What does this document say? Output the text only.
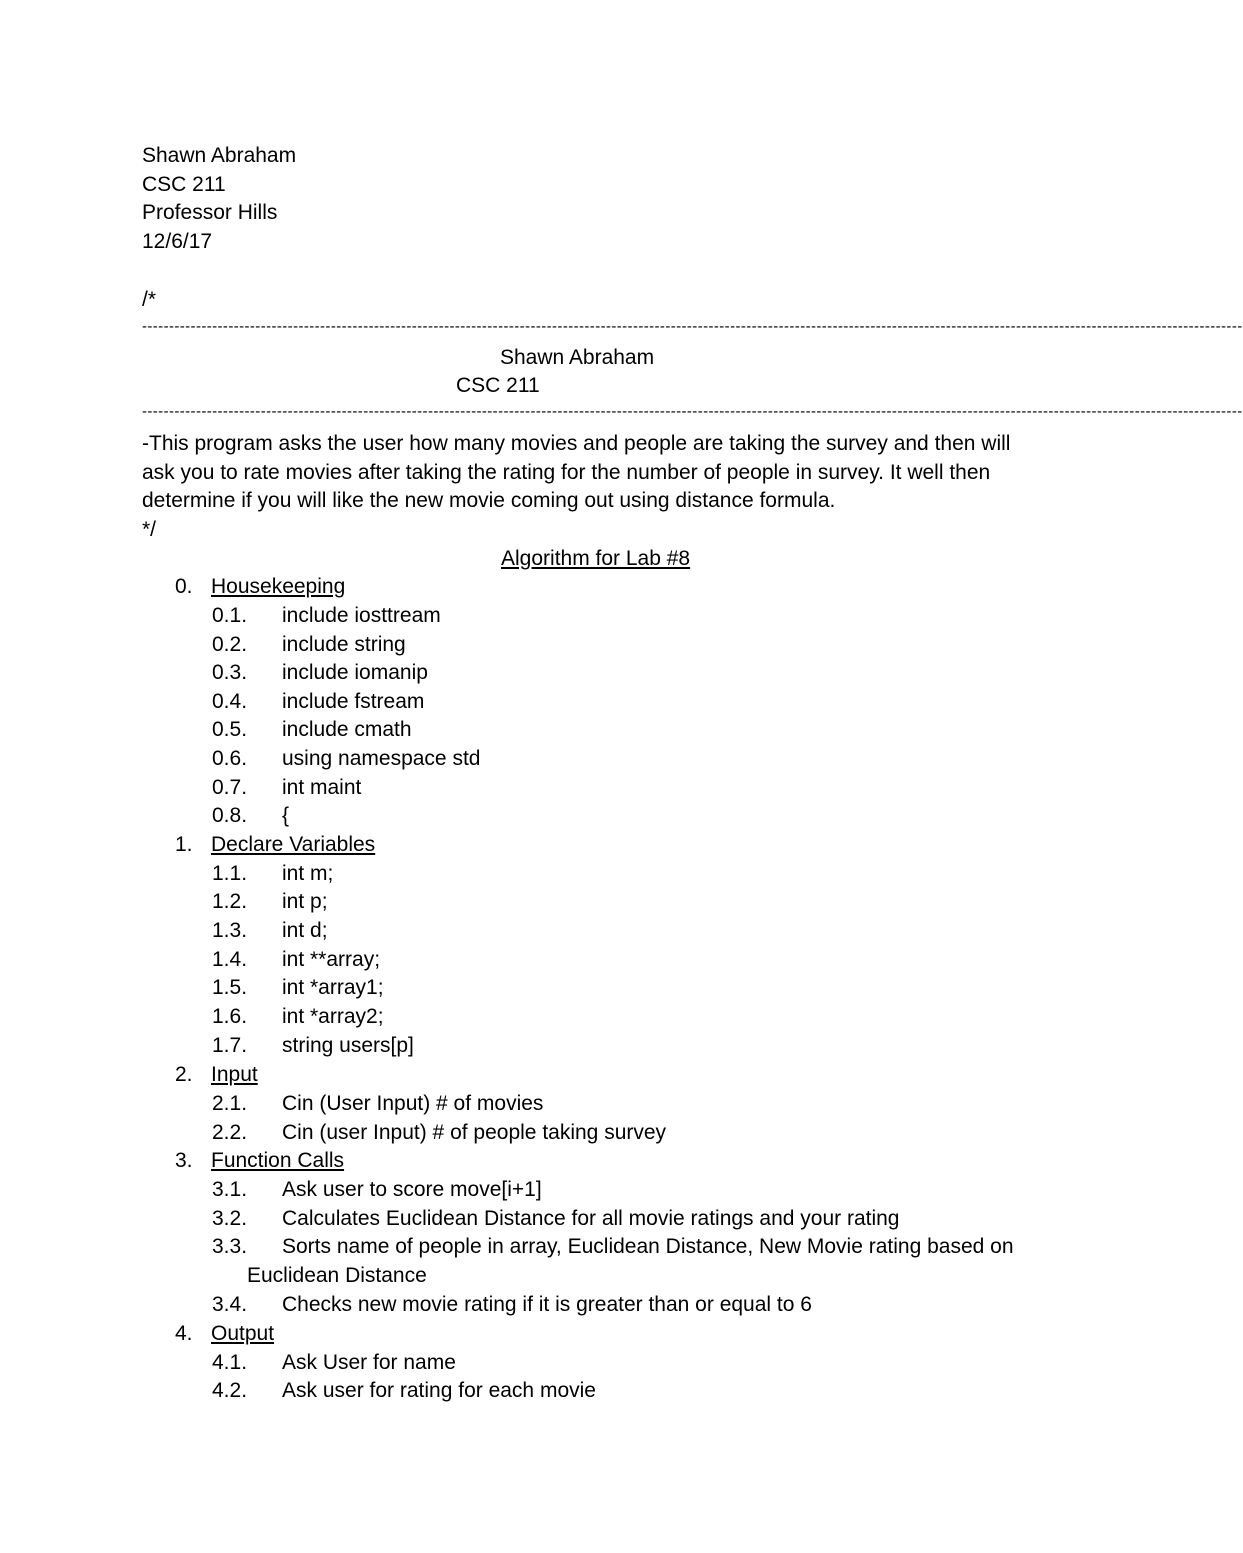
Shawn Abraham
CSC 211
Professor Hills
12/6/17
/*
------------------------------------------------------------------------------------------------------------------------------------------------------------------------------------------------------------
Shawn Abraham
CSC 211
------------------------------------------------------------------------------------------------------------------------------------------------------------------------------------------------------------
-This program asks the user how many movies and people are taking the survey and then will
ask you to rate movies after taking the rating for the number of people in survey. It well then
determine if you will like the new movie coming out using distance formula.
*/
Algorithm for Lab #8
0. Housekeeping
0.1. include iosttream
0.2. include string
0.3. include iomanip
0.4. include fstream
0.5. include cmath
0.6. using namespace std
0.7. int maint
0.8. {
1. Declare Variables
1.1. int m;
1.2. int p;
1.3. int d;
1.4. int **array;
1.5. int *array1;
1.6. int *array2;
1.7. string users[p]
2. Input
2.1. Cin (User Input) # of movies
2.2. Cin (user Input) # of people taking survey
3. Function Calls
3.1. Ask user to score move[i+1]
3.2. Calculates Euclidean Distance for all movie ratings and your rating
3.3. Sorts name of people in array, Euclidean Distance, New Movie rating based on
Euclidean Distance
3.4. Checks new movie rating if it is greater than or equal to 6
4. Output
4.1. Ask User for name
4.2. Ask user for rating for each movie
